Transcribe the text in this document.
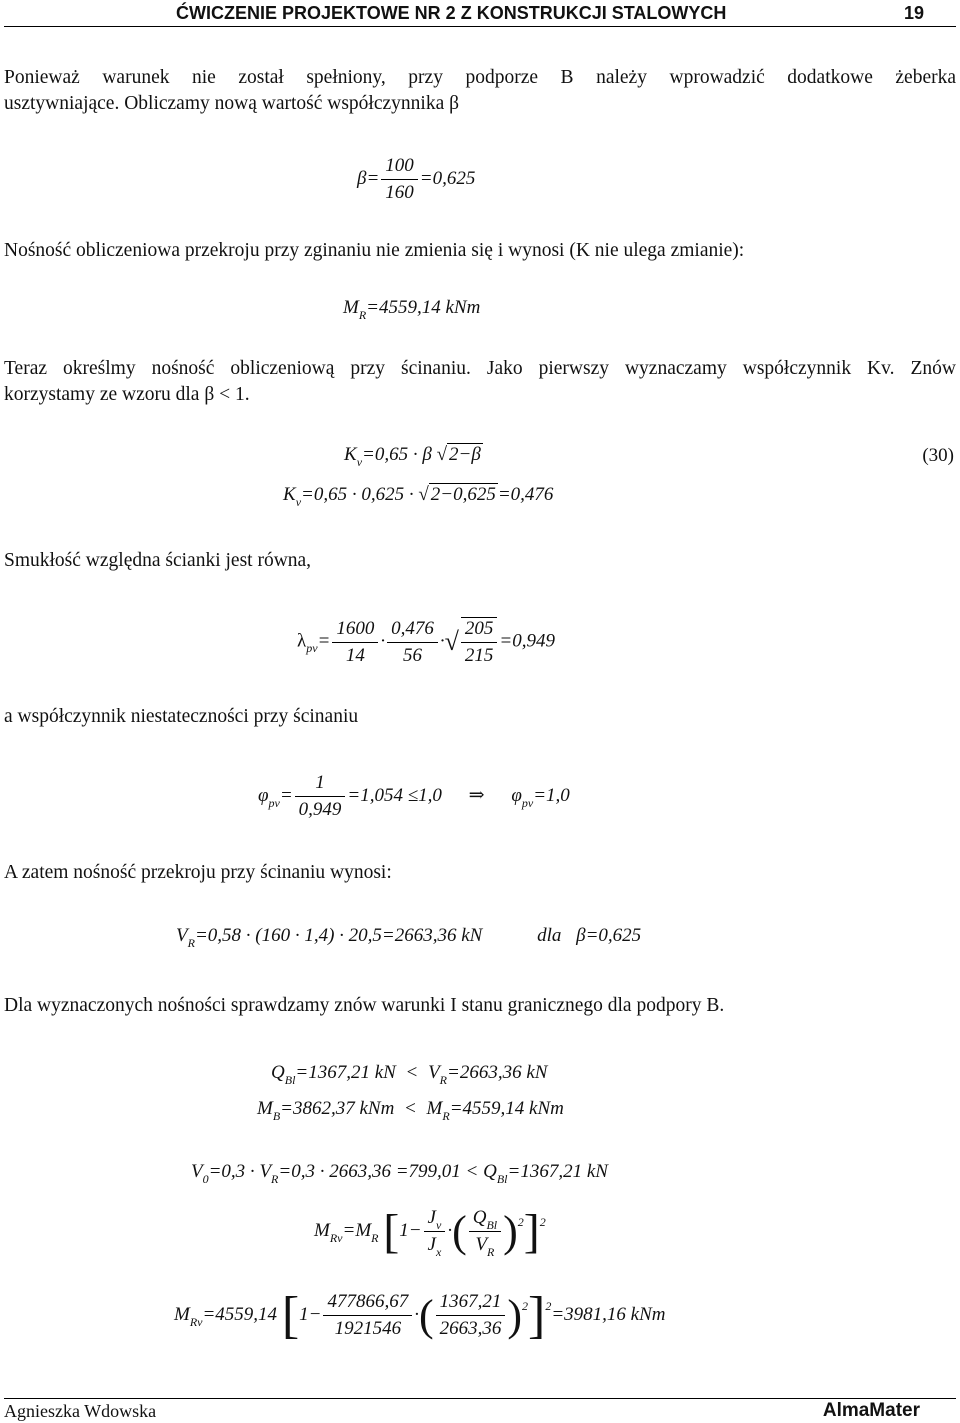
ĆWICZENIE PROJEKTOWE NR 2 Z KONSTRUKCJI STALOWYCH	19
Ponieważ warunek nie został spełniony, przy podporze B należy wprowadzić dodatkowe żeberka
usztywniające. Obliczamy nową wartość współczynnika β
$\beta= \frac{100}{160} =0,625$
Nośność obliczeniowa przekroju przy zginaniu nie zmienia się i wynosi (K nie ulega zmianie):
$M_R=4559,14$ kNm
Teraz określmy nośność obliczeniową przy ścinaniu. Jako pierwszy wyznaczamy współczynnik Kv. Znów
korzystamy ze wzoru dla β < 1.
$K_v=0,65 \cdot \beta$ √ 2−β	(30)
$K_v=0,65 \cdot 0,625$ · √ 2−0,625 =0,476
Smukłość względna ścianki jest równa,
$\lambda_{pv}= \frac{1600}{14} \cdot \frac{0,476}{56}$ ·√ $\frac{205}{215} =0,949$
a współczynnik niestateczności przy ścinaniu
$\varphi_{pv}= \frac{1}{0,949} =1,054 \le 1,0$ ⇒ $\varphi_{pv}=1,0$
A zatem nośność przekroju przy ścinaniu wynosi:
$V_R=0,58 \cdot (160 \cdot 1,4) \cdot 20,5=2663,36$ kN	dla β=0,625
Dla wyznaczonych nośności sprawdzamy znów warunki I stanu granicznego dla podpory B.
$Q_{Bl}=1367,21$ kN < $V_R=2663,36$ kN
$M_B=3862,37$ kNm < $M_R=4559,14$ kNm
$V_0=0,3 \cdot V_R=0,3 \cdot 2663,36 =799,01 < Q_{Bl}=1367,21$ kN
$M_{Rv}=M_R$ [$1- \frac{J_v}{J_x}$ ·( $\frac{Q_{Bl}}{V_R} )^2]^2$
$M_{Rv}=4559,14$ [$1- \frac{477866,67}{1921546}$ ·( $\frac{1367,21}{2663,36} )^2]^2=3981,16$ kNm
Agnieszka Wdowska	AlmaMater
